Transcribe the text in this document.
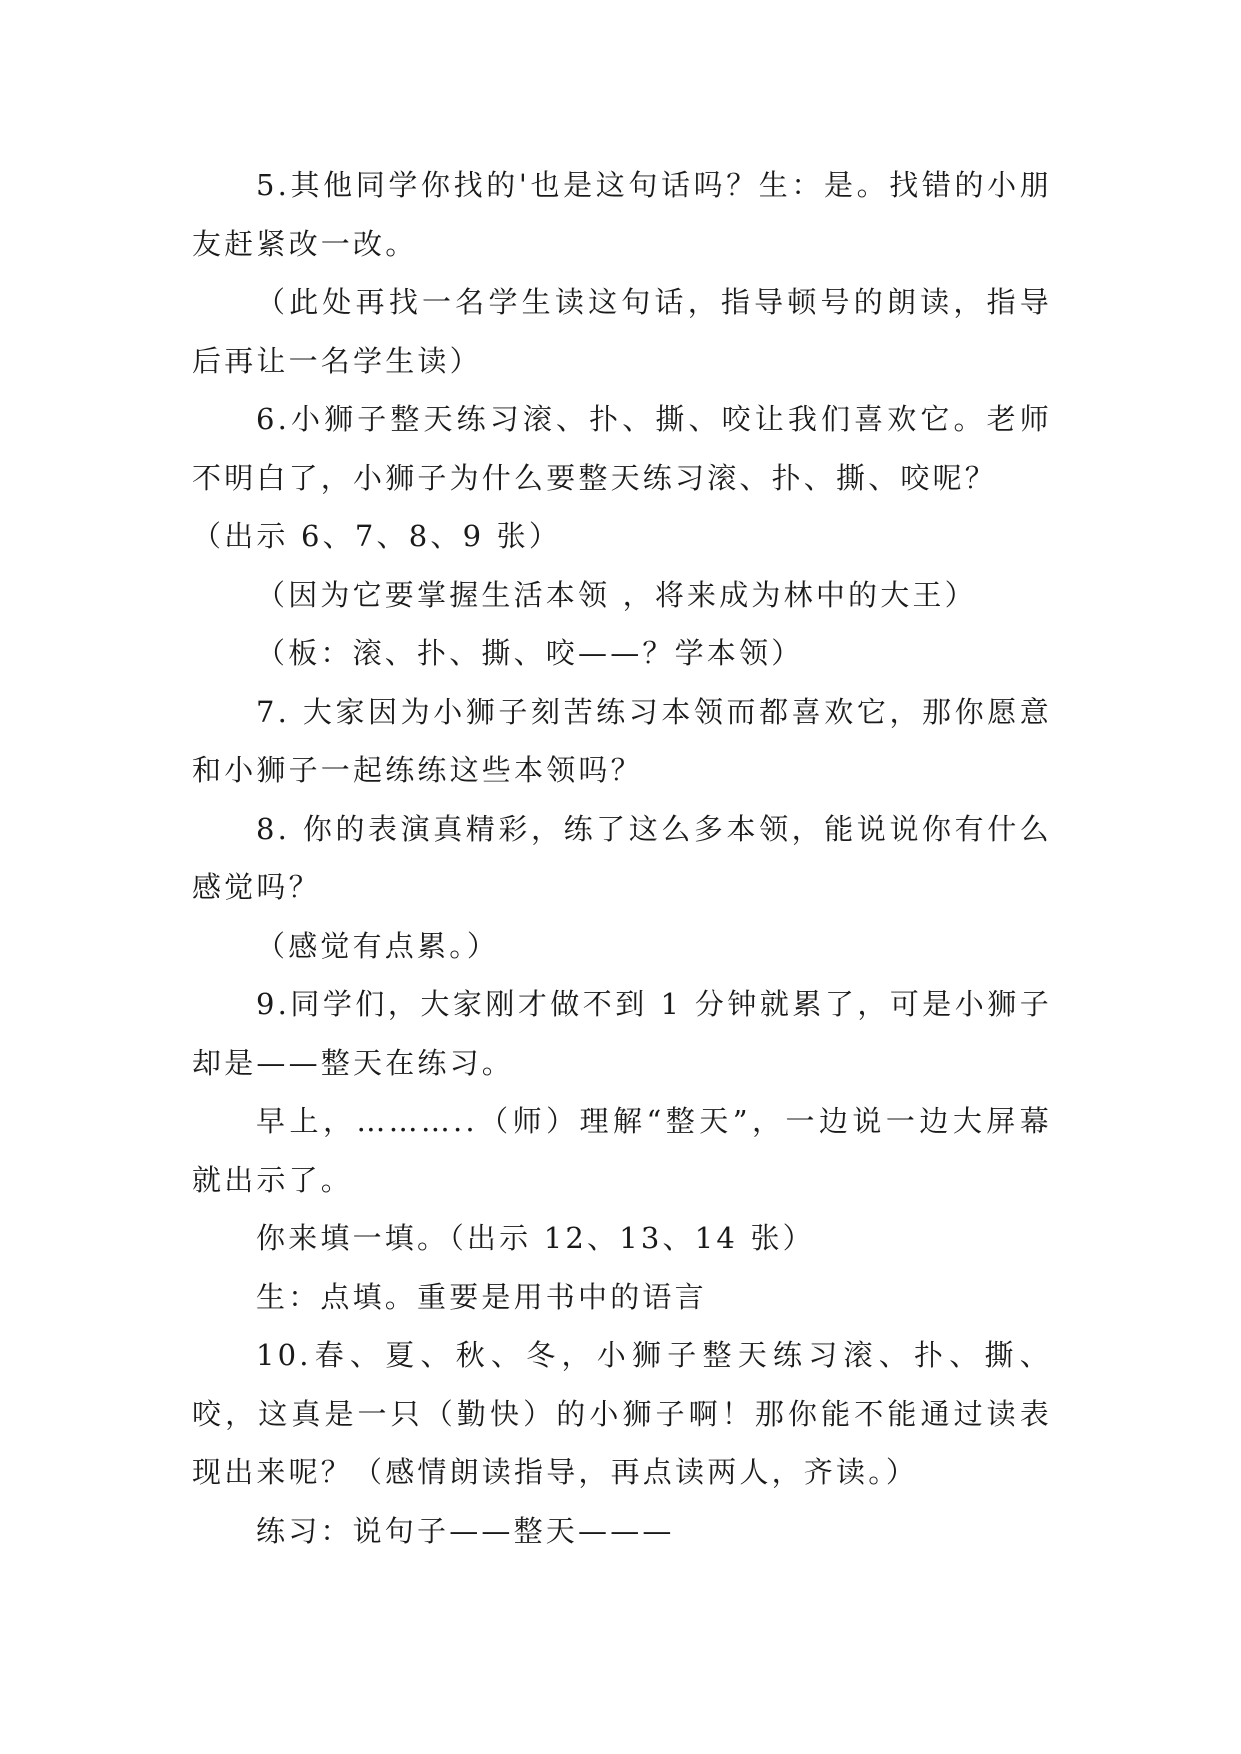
5.其他同学你找的'也是这句话吗？生：是。找错的小朋友赶紧改一改。

（此处再找一名学生读这句话，指导顿号的朗读，指导后再让一名学生读）

6.小狮子整天练习滚、扑、撕、咬让我们喜欢它。老师不明白了，小狮子为什么要整天练习滚、扑、撕、咬呢？

（出示 6、7、8、9 张）

（因为它要掌握生活本领 ，将来成为林中的大王）

（板：滚、扑、撕、咬——？学本领）

7. 大家因为小狮子刻苦练习本领而都喜欢它，那你愿意和小狮子一起练练这些本领吗？

8. 你的表演真精彩，练了这么多本领，能说说你有什么感觉吗？

（感觉有点累。）

9.同学们，大家刚才做不到 1 分钟就累了，可是小狮子却是——整天在练习。

早上，………..（师）理解“整天”，一边说一边大屏幕就出示了。

你来填一填。（出示 12、13、14 张）

生：点填。重要是用书中的语言

10.春、夏、秋、冬，小狮子整天练习滚、扑、撕、咬，这真是一只（勤快）的小狮子啊！那你能不能通过读表现出来呢？（感情朗读指导，再点读两人，齐读。）

练习：说句子——整天———
